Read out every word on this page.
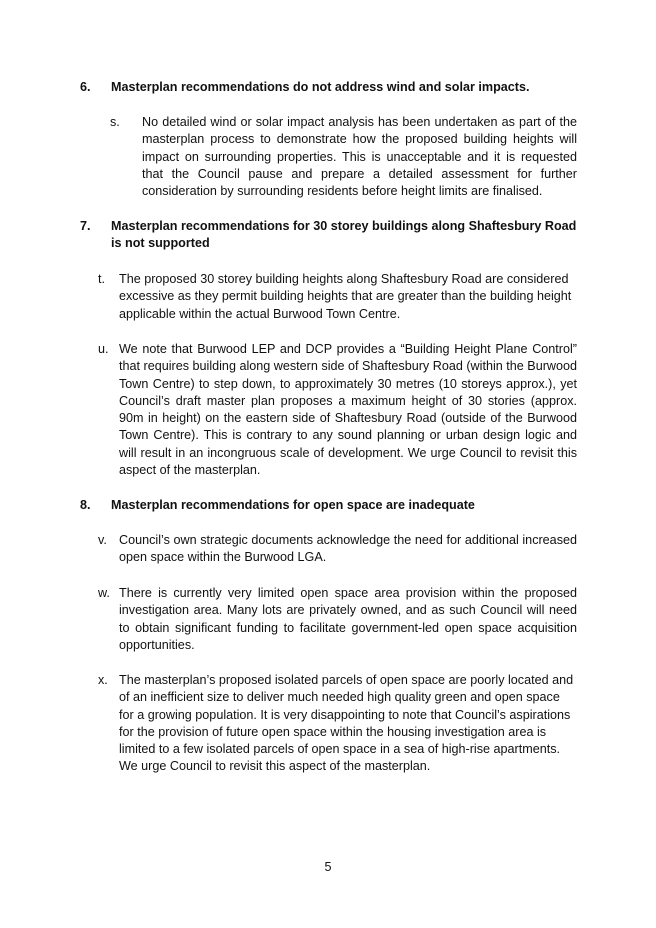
6. Masterplan recommendations do not address wind and solar impacts.
s. No detailed wind or solar impact analysis has been undertaken as part of the masterplan process to demonstrate how the proposed building heights will impact on surrounding properties. This is unacceptable and it is requested that the Council pause and prepare a detailed assessment for further consideration by surrounding residents before height limits are finalised.
7. Masterplan recommendations for 30 storey buildings along Shaftesbury Road is not supported
t. The proposed 30 storey building heights along Shaftesbury Road are considered excessive as they permit building heights that are greater than the building height applicable within the actual Burwood Town Centre.
u. We note that Burwood LEP and DCP provides a “Building Height Plane Control” that requires building along western side of Shaftesbury Road (within the Burwood Town Centre) to step down, to approximately 30 metres (10 storeys approx.), yet Council’s draft master plan proposes a maximum height of 30 stories (approx. 90m in height) on the eastern side of Shaftesbury Road (outside of the Burwood Town Centre). This is contrary to any sound planning or urban design logic and will result in an incongruous scale of development. We urge Council to revisit this aspect of the masterplan.
8. Masterplan recommendations for open space are inadequate
v. Council’s own strategic documents acknowledge the need for additional increased open space within the Burwood LGA.
w. There is currently very limited open space area provision within the proposed investigation area. Many lots are privately owned, and as such Council will need to obtain significant funding to facilitate government-led open space acquisition opportunities.
x. The masterplan’s proposed isolated parcels of open space are poorly located and of an inefficient size to deliver much needed high quality green and open space for a growing population. It is very disappointing to note that Council’s aspirations for the provision of future open space within the housing investigation area is limited to a few isolated parcels of open space in a sea of high-rise apartments. We urge Council to revisit this aspect of the masterplan.
5
